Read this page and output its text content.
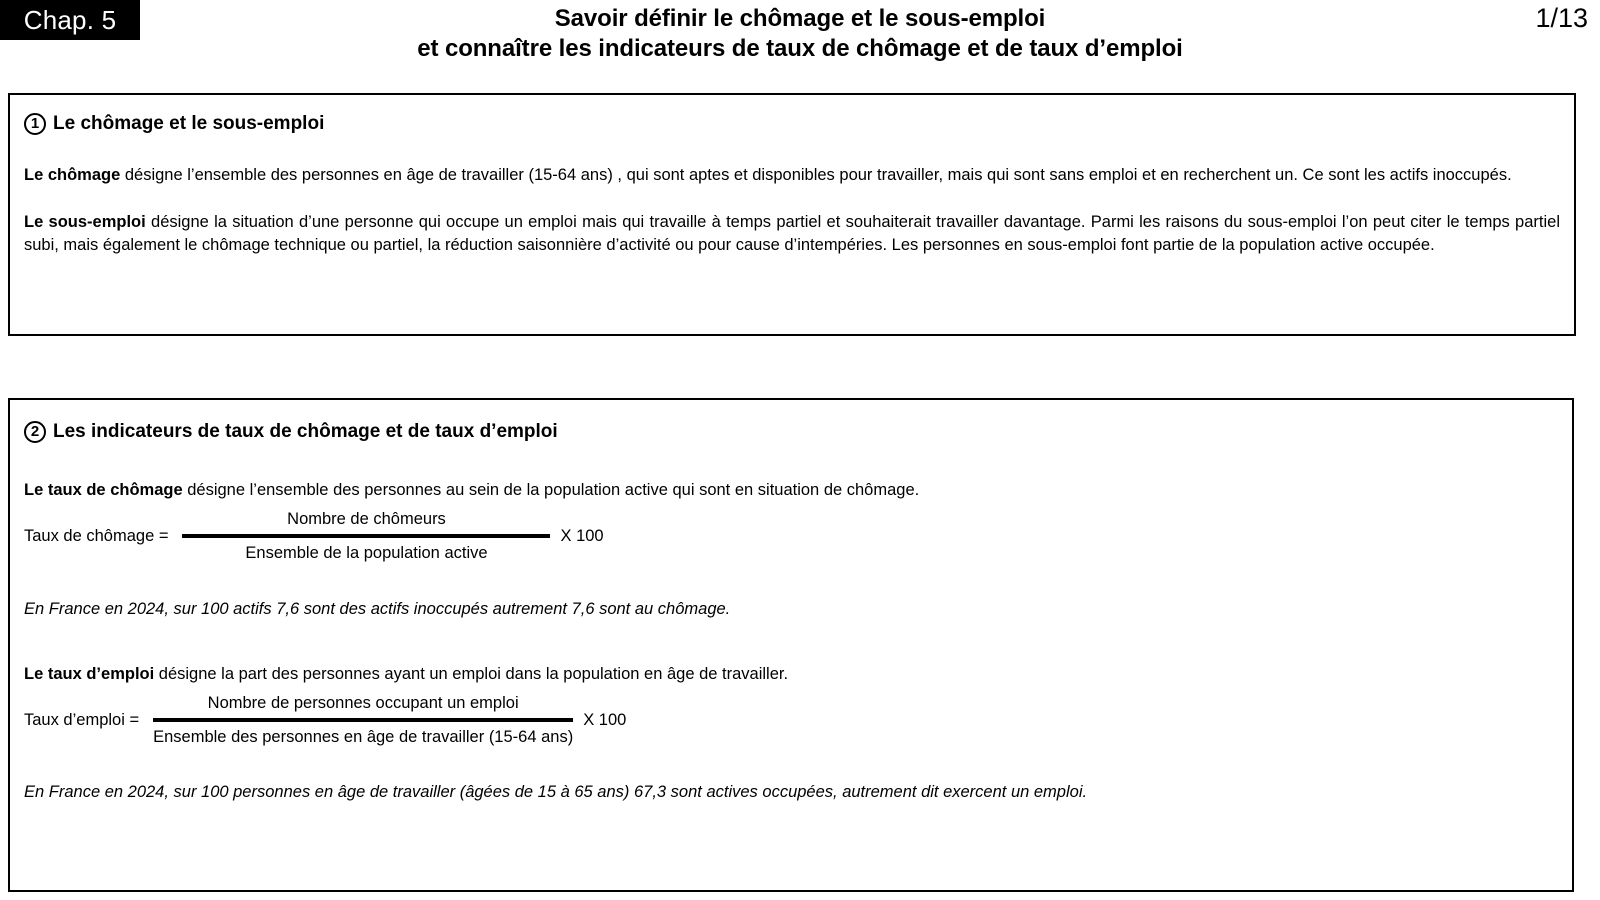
Chap. 5	1/13
Savoir définir le chômage et le sous-emploi
et connaître les indicateurs de taux de chômage et de taux d’emploi
1 Le chômage et le sous-emploi

Le chômage désigne l’ensemble des personnes en âge de travailler (15-64 ans) , qui sont aptes et disponibles pour travailler, mais qui sont sans emploi et en recherchent un. Ce sont les actifs inoccupés.

Le sous-emploi désigne la situation d’une personne qui occupe un emploi mais qui travaille à temps partiel et souhaiterait travailler davantage. Parmi les raisons du sous-emploi l’on peut citer le temps partiel subi, mais également le chômage technique ou partiel, la réduction saisonnière d’activité ou pour cause d’intempéries. Les personnes en sous-emploi font partie de la population active occupée.

2 Les indicateurs de taux de chômage et de taux d’emploi

Le taux de chômage désigne l’ensemble des personnes au sein de la population active qui sont en situation de chômage.

Taux de chômage = $\frac{\text{Nombre de chômeurs}}{\text{Ensemble de la population active}}$ X 100

En France en 2024, sur 100 actifs 7,6 sont des actifs inoccupés autrement 7,6 sont au chômage.

Le taux d’emploi désigne la part des personnes ayant un emploi dans la population en âge de travailler.

Taux d’emploi = $\frac{\text{Nombre de personnes occupant un emploi}}{\text{Ensemble des personnes en âge de travailler (15-64 ans)}}$ X 100

En France en 2024, sur 100 personnes en âge de travailler (âgées de 15 à 65 ans) 67,3 sont actives occupées, autrement dit exercent un emploi.
